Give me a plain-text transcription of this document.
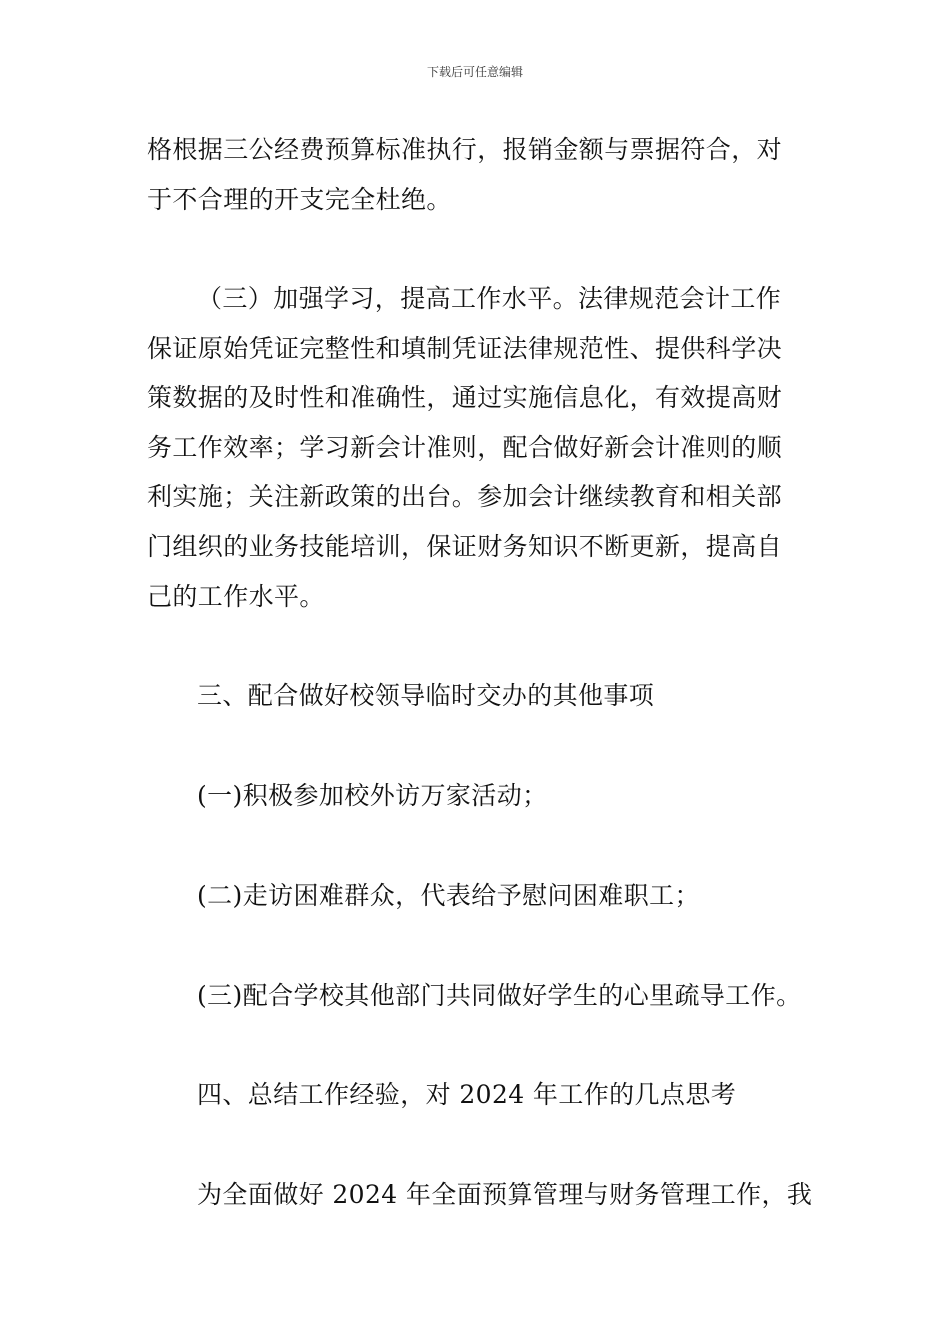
下载后可任意编辑
格根据三公经费预算标准执行，报销金额与票据符合，对
于不合理的开支完全杜绝。
（三）加强学习，提高工作水平。法律规范会计工作
保证原始凭证完整性和填制凭证法律规范性、提供科学决
策数据的及时性和准确性，通过实施信息化，有效提高财
务工作效率；学习新会计准则，配合做好新会计准则的顺
利实施；关注新政策的出台。参加会计继续教育和相关部
门组织的业务技能培训，保证财务知识不断更新，提高自
己的工作水平。
三、配合做好校领导临时交办的其他事项
(一)积极参加校外访万家活动；
(二)走访困难群众，代表给予慰问困难职工；
(三)配合学校其他部门共同做好学生的心里疏导工作。
四、总结工作经验，对 2024 年工作的几点思考
为全面做好 2024 年全面预算管理与财务管理工作，我
